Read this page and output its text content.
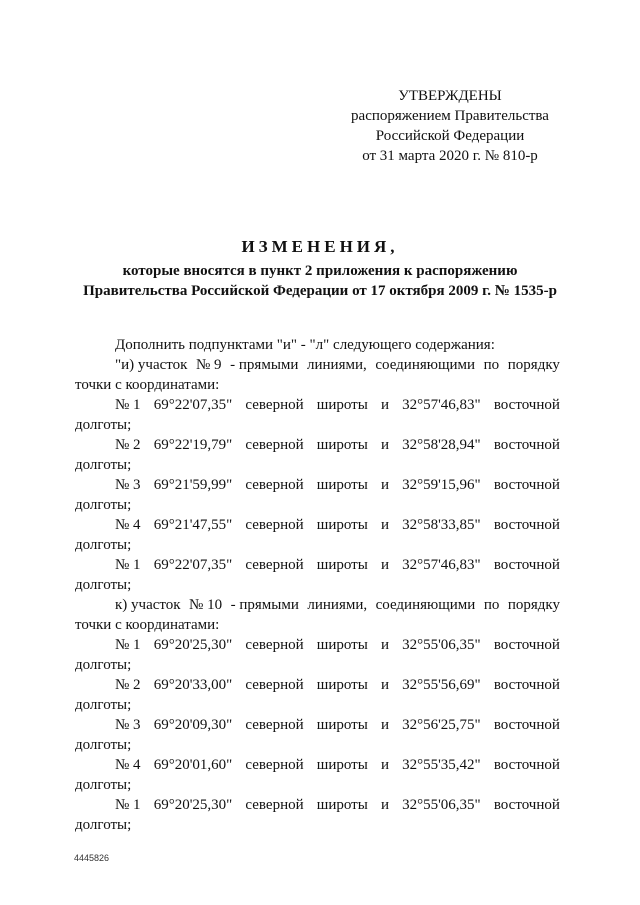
УТВЕРЖДЕНЫ
распоряжением Правительства
Российской Федерации
от 31 марта 2020 г. № 810-р
ИЗМЕНЕНИЯ,
которые вносятся в пункт 2 приложения к распоряжению
Правительства Российской Федерации от 17 октября 2009 г. № 1535-р
Дополнить подпунктами "и" - "л" следующего содержания:
"и) участок № 9 - прямыми линиями, соединяющими по порядку
точки с координатами:
№ 1 69°22'07,35" северной широты и 32°57'46,83" восточной
долготы;
№ 2 69°22'19,79" северной широты и 32°58'28,94" восточной
долготы;
№ 3 69°21'59,99" северной широты и 32°59'15,96" восточной
долготы;
№ 4 69°21'47,55" северной широты и 32°58'33,85" восточной
долготы;
№ 1 69°22'07,35" северной широты и 32°57'46,83" восточной
долготы;
к) участок № 10 - прямыми линиями, соединяющими по порядку
точки с координатами:
№ 1 69°20'25,30" северной широты и 32°55'06,35" восточной
долготы;
№ 2 69°20'33,00" северной широты и 32°55'56,69" восточной
долготы;
№ 3 69°20'09,30" северной широты и 32°56'25,75" восточной
долготы;
№ 4 69°20'01,60" северной широты и 32°55'35,42" восточной
долготы;
№ 1 69°20'25,30" северной широты и 32°55'06,35" восточной
долготы;
4445826
